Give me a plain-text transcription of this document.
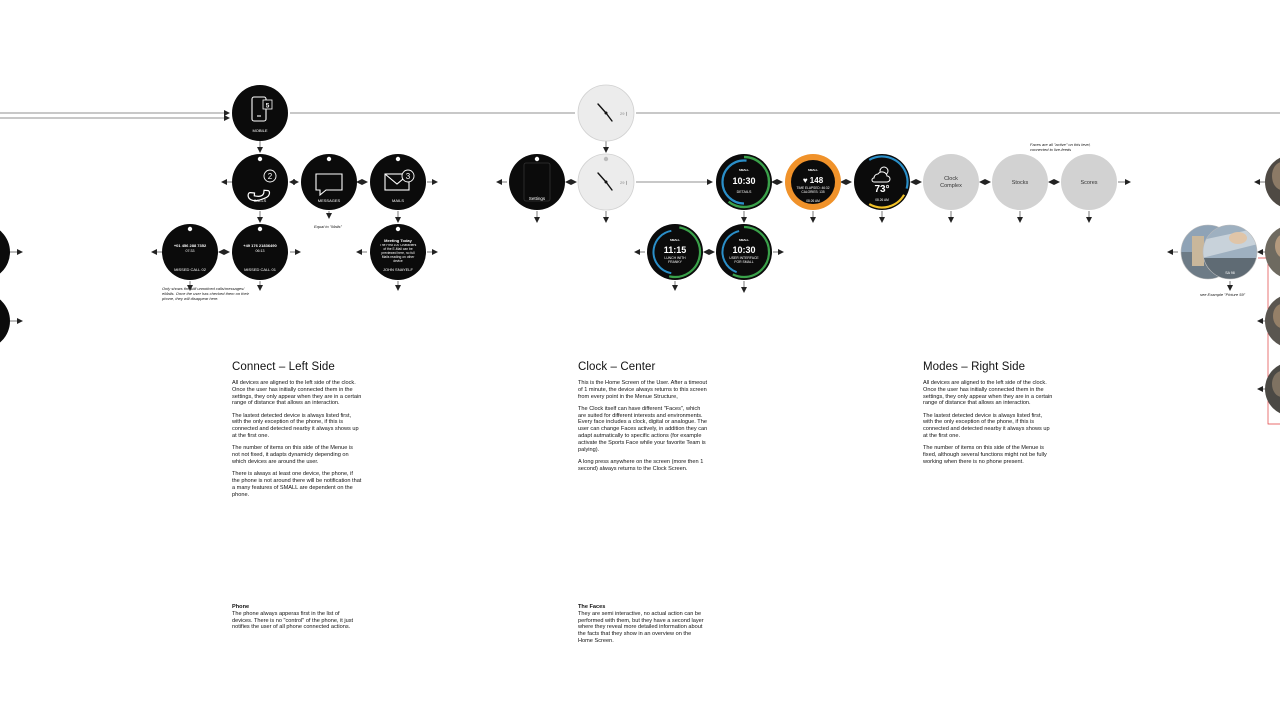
5
MOBILE
2
CALLS	MESSAGES
3
MAILS
+01 456 288 7352
07:33
MISSED CALL 02
+49 176 21836490
06:13
MISSED CALL 01
Meeting Today
The First 100 Characters of the E-Mail can be previewed here, no full Mails reading on other device
JOHN SNAYELF
Settings
29 ∥
29 ∥
SMALL
10:30
DETAILS
SMALL
♥ 148
TIME ELAPSED: 46:32
CALORIES: 135
08:26 AM
73°
08.26 AM
Clock
Complex	Stocks	Scores
SMALL
11:15
LUNCH WITH
FRANKY
SMALL
10:30
USER INTERFACE
FOR SMALL
SA 98
Equal to "Mails"
Only shows the still unnoticed calls/messages/ eMails. Once the user has checked them on their phone, they will disappear here.
Faces are all "active" on this level, connected to live-feeds
see Example "Picture 59"
Connect – Left Side

All devices are aligned to the left side of the clock. Once the user has initially connected them in the settings, they only appear when they are in a certain range of distance that allows an interaction.

The lastest detected device is always listed first, with the only exception of the phone, if this is connected and detected nearby it always shows up at the first one.

The number of items on this side of the Menue is not not fixed, it adapts dynamicly depending on which devices are around the user.

There is always at least one device, the phone, if the phone is not around there will be notification that a many features of SMALL are dependent on the phone.

Phone
The phone always apperas first in the list of devices. There is no "control" of the phone, it just notifies the user of all phone connected actions.
Clock – Center

This is the Home Screen of the User. After a timeout of 1 minute, the device always returns to this screen from every point in the Menue Structure,

The Clock itself can have different "Faces", which are suited for different interests and environments. Every face includes a clock, digital or analogue. The user can change Faces actively, in addition they can adapt autmatically to specific actions (for example activate the Sports Face while your favorite Team is palying).

A long press anywhere on the screen (more then 1 second) always returns to the Clock Screen.

The Faces
They are semi interactive, no actual action can be performed with them, but they have a second layer where they reveal more detailed information about the facts that they show in an overview on the Home Screen.
Modes – Right Side

All devices are aligned to the left side of the clock. Once the user has initially connected them in the settings, they only appear when they are in a certain range of distance that allows an interaction.

The lastest detected device is always listed first, with the only exception of the phone, if this is connected and detected nearby it always shows up at the first one.

The number of items on this side of the Menue is fixed, although several functions might not be fully working when there is no phone present.
